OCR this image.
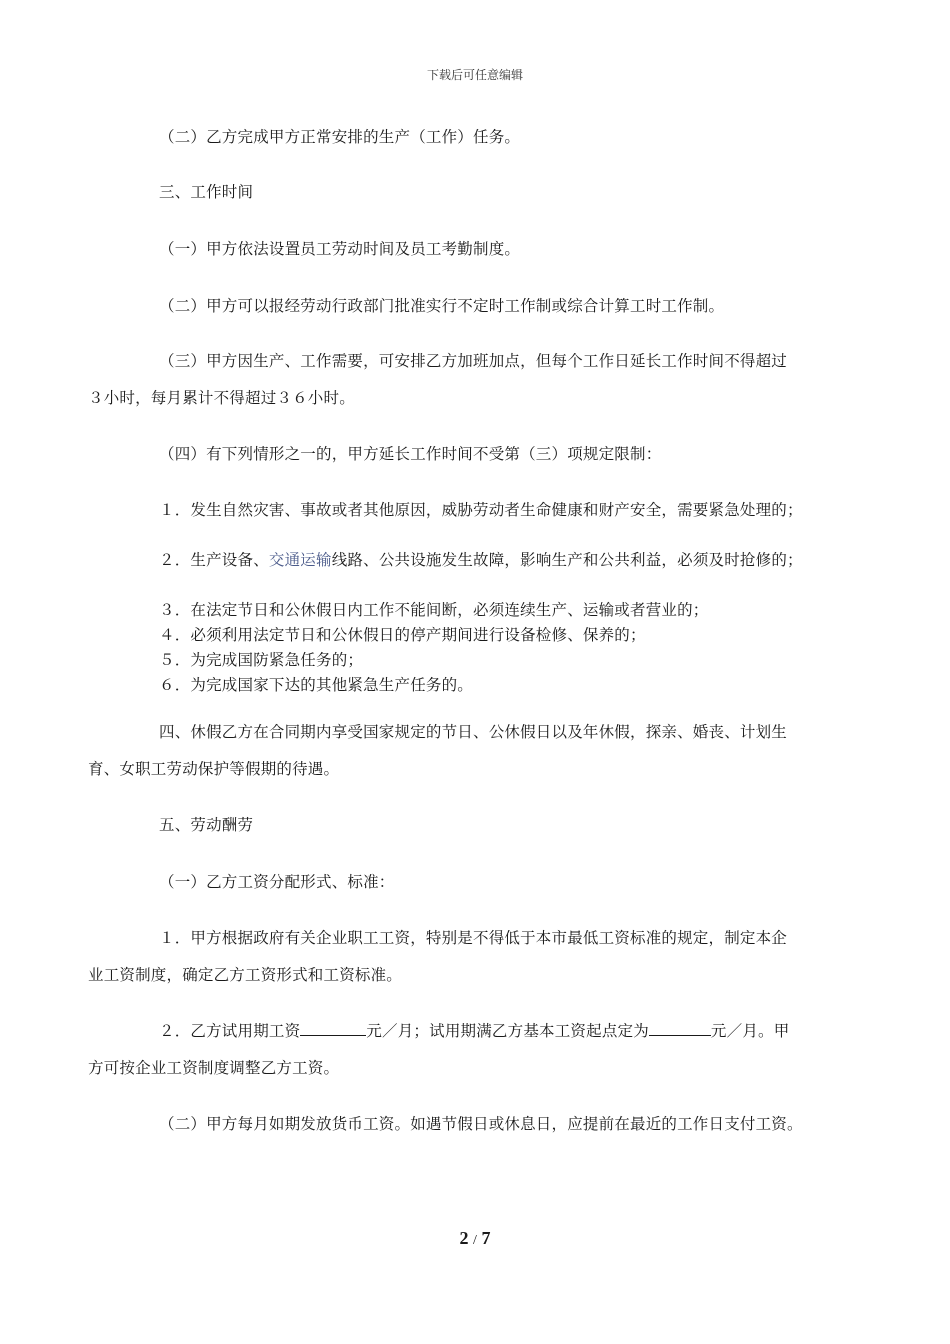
下载后可任意编辑
（二）乙方完成甲方正常安排的生产（工作）任务。
三、工作时间
（一）甲方依法设置员工劳动时间及员工考勤制度。
（二）甲方可以报经劳动行政部门批准实行不定时工作制或综合计算工时工作制。
（三）甲方因生产、工作需要，可安排乙方加班加点，但每个工作日延长工作时间不得超过
３小时，每月累计不得超过３６小时。
（四）有下列情形之一的，甲方延长工作时间不受第（三）项规定限制：
１．发生自然灾害、事故或者其他原因，威胁劳动者生命健康和财产安全，需要紧急处理的；
２．生产设备、交通运输线路、公共设施发生故障，影响生产和公共利益，必须及时抢修的；
３．在法定节日和公休假日内工作不能间断，必须连续生产、运输或者营业的；
４．必须利用法定节日和公休假日的停产期间进行设备检修、保养的；
５．为完成国防紧急任务的；
６．为完成国家下达的其他紧急生产任务的。
四、休假乙方在合同期内享受国家规定的节日、公休假日以及年休假，探亲、婚丧、计划生
育、女职工劳动保护等假期的待遇。
五、劳动酬劳
（一）乙方工资分配形式、标准：
１．甲方根据政府有关企业职工工资，特别是不得低于本市最低工资标准的规定，制定本企
业工资制度，确定乙方工资形式和工资标准。
２．乙方试用期工资	元／月；试用期满乙方基本工资起点定为	元／月。甲
方可按企业工资制度调整乙方工资。
（二）甲方每月如期发放货币工资。如遇节假日或休息日，应提前在最近的工作日支付工资。
2 / 7
